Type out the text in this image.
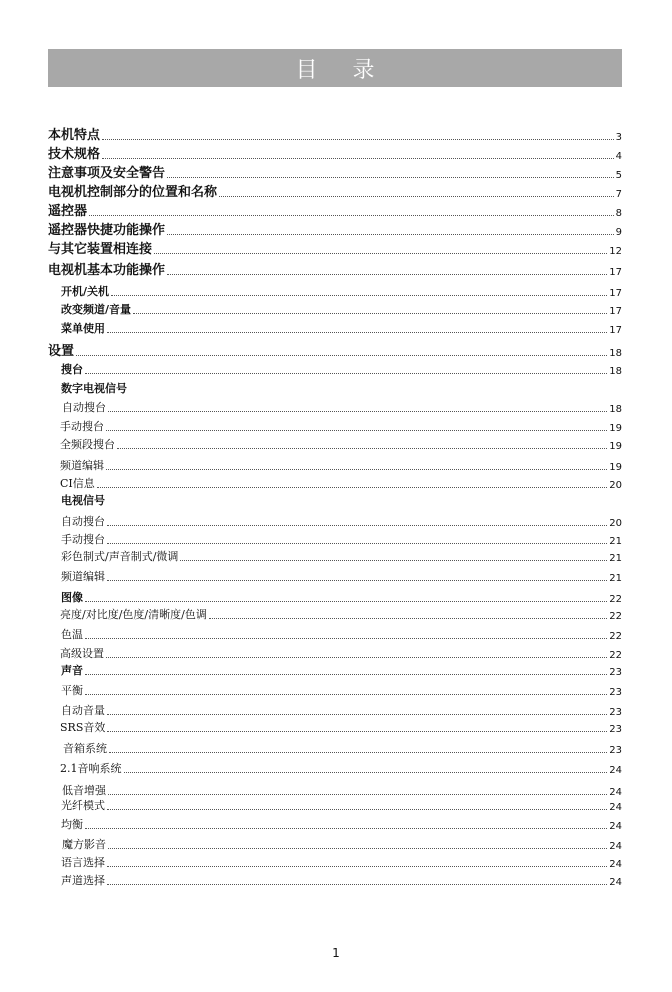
目 录
本机特点	3
技术规格	4
注意事项及安全警告	5
电视机控制部分的位置和名称	7
遥控器	8
遥控器快捷功能操作	9
与其它装置相连接	12
电视机基本功能操作	17
开机/关机	17
改变频道/音量	17
菜单使用	17
设置	18
搜台	18
数字电视信号
自动搜台	18
手动搜台	19
全频段搜台	19
频道编辑	19
CI信息	20
电视信号
自动搜台	20
手动搜台	21
彩色制式/声音制式/微调	21
频道编辑	21
图像	22
亮度/对比度/色度/清晰度/色调	22
色温	22
高级设置	22
声音	23
平衡	23
自动音量	23
SRS音效	23
音箱系统	23
2.1音响系统	24
低音增强	24
光纤模式	24
均衡	24
魔方影音	24
语言选择	24
声道选择	24
1
